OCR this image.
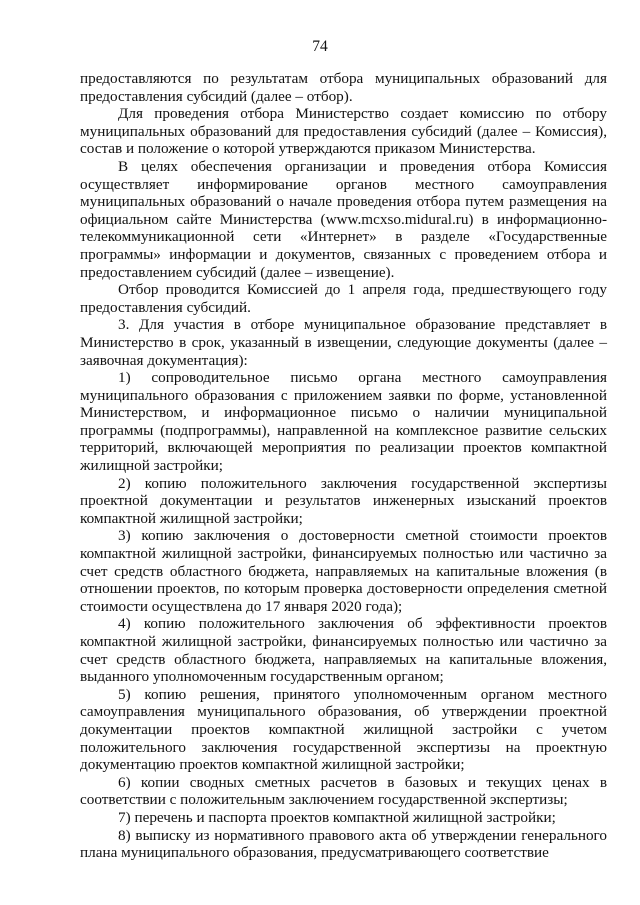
74

предоставляются по результатам отбора муниципальных образований для предоставления субсидий (далее – отбор).

Для проведения отбора Министерство создает комиссию по отбору муниципальных образований для предоставления субсидий (далее – Комиссия), состав и положение о которой утверждаются приказом Министерства.

В целях обеспечения организации и проведения отбора Комиссия осуществляет информирование органов местного самоуправления муниципальных образований о начале проведения отбора путем размещения на официальном сайте Министерства (www.mcxso.midural.ru) в информационно-телекоммуникационной сети «Интернет» в разделе «Государственные программы» информации и документов, связанных с проведением отбора и предоставлением субсидий (далее – извещение).

Отбор проводится Комиссией до 1 апреля года, предшествующего году предоставления субсидий.

3. Для участия в отборе муниципальное образование представляет в Министерство в срок, указанный в извещении, следующие документы (далее – заявочная документация):

1) сопроводительное письмо органа местного самоуправления муниципального образования с приложением заявки по форме, установленной Министерством, и информационное письмо о наличии муниципальной программы (подпрограммы), направленной на комплексное развитие сельских территорий, включающей мероприятия по реализации проектов компактной жилищной застройки;

2) копию положительного заключения государственной экспертизы проектной документации и результатов инженерных изысканий проектов компактной жилищной застройки;

3) копию заключения о достоверности сметной стоимости проектов компактной жилищной застройки, финансируемых полностью или частично за счет средств областного бюджета, направляемых на капитальные вложения (в отношении проектов, по которым проверка достоверности определения сметной стоимости осуществлена до 17 января 2020 года);

4) копию положительного заключения об эффективности проектов компактной жилищной застройки, финансируемых полностью или частично за счет средств областного бюджета, направляемых на капитальные вложения, выданного уполномоченным государственным органом;

5) копию решения, принятого уполномоченным органом местного самоуправления муниципального образования, об утверждении проектной документации проектов компактной жилищной застройки с учетом положительного заключения государственной экспертизы на проектную документацию проектов компактной жилищной застройки;

6) копии сводных сметных расчетов в базовых и текущих ценах в соответствии с положительным заключением государственной экспертизы;

7) перечень и паспорта проектов компактной жилищной застройки;

8) выписку из нормативного правового акта об утверждении генерального плана муниципального образования, предусматривающего соответствие
